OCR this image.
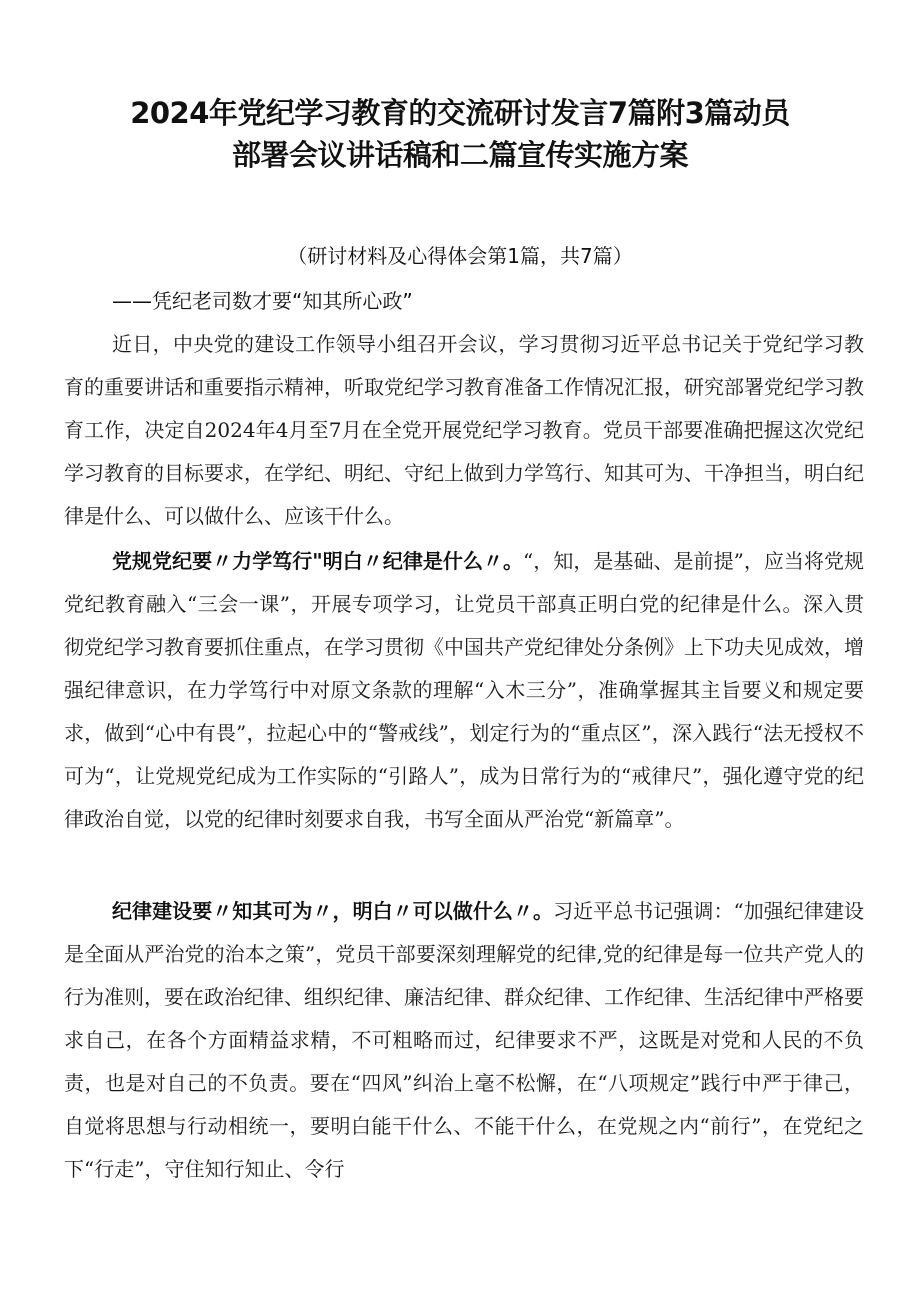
2024年党纪学习教育的交流研讨发言7篇附3篇动员
部署会议讲话稿和二篇宣传实施方案
（研讨材料及心得体会第1篇，共7篇）
——凭纪老司数才要“知其所心政”

近日，中央党的建设工作领导小组召开会议，学习贯彻习近平总书记关于党纪学习教育的重要讲话和重要指示精神，听取党纪学习教育准备工作情况汇报，研究部署党纪学习教育工作，决定自2024年4月至7月在全党开展党纪学习教育。党员干部要准确把握这次党纪学习教育的目标要求，在学纪、明纪、守纪上做到力学笃行、知其可为、干净担当，明白纪律是什么、可以做什么、应该干什么。

党规党纪要〃力学笃行"明白〃纪律是什么〃。“，知，是基础、是前提”，应当将党规党纪教育融入“三会一课”，开展专项学习，让党员干部真正明白党的纪律是什么。深入贯彻党纪学习教育要抓住重点，在学习贯彻《中国共产党纪律处分条例》上下功夫见成效，增强纪律意识，在力学笃行中对原文条款的理解“入木三分”，准确掌握其主旨要义和规定要求，做到“心中有畏”，拉起心中的“警戒线”，划定行为的“重点区”，深入践行“法无授权不可为“，让党规党纪成为工作实际的“引路人”，成为日常行为的“戒律尺”，强化遵守党的纪律政治自觉，以党的纪律时刻要求自我，书写全面从严治党“新篇章”。

纪律建设要〃知其可为〃，明白〃可以做什么〃。习近平总书记强调：“加强纪律建设是全面从严治党的治本之策”，党员干部要深刻理解党的纪律,党的纪律是每一位共产党人的行为准则，要在政治纪律、组织纪律、廉洁纪律、群众纪律、工作纪律、生活纪律中严格要求自己，在各个方面精益求精，不可粗略而过，纪律要求不严，这既是对党和人民的不负责，也是对自己的不负责。要在“四风”纠治上毫不松懈，在“八项规定”践行中严于律己，自觉将思想与行动相统一，要明白能干什么、不能干什么，在党规之内“前行”，在党纪之下“行走”，守住知行知止、令行
